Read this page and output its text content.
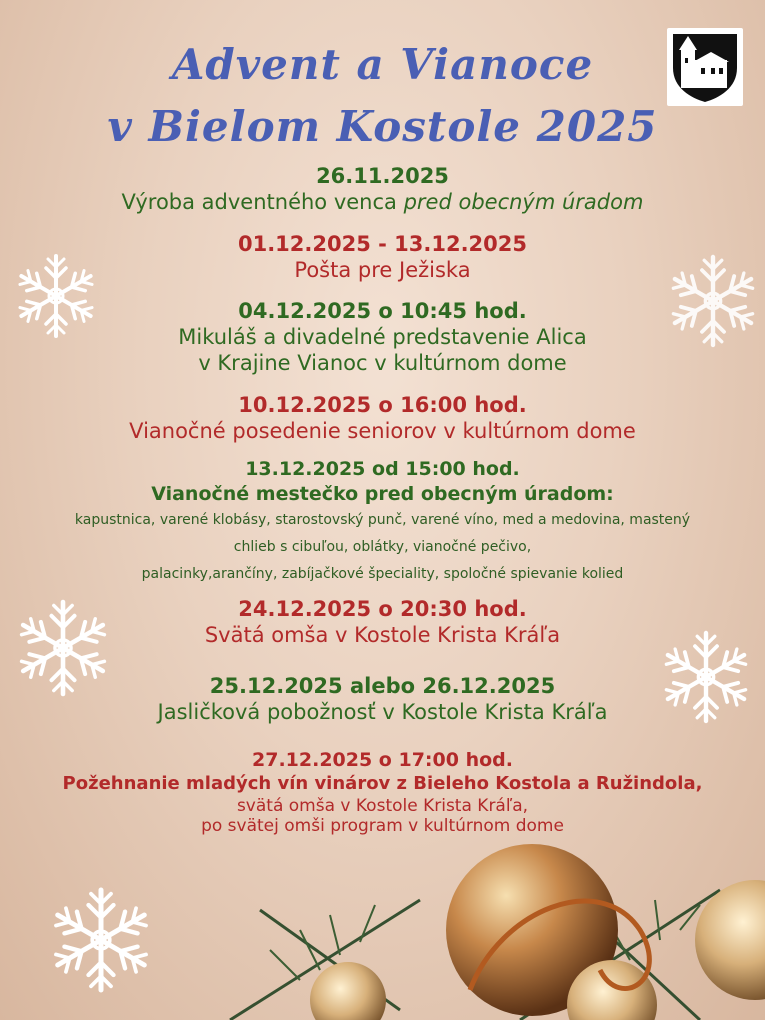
Advent a Vianoce
v Bielom Kostole 2025
26.11.2025
Výroba adventného venca pred obecným úradom
01.12.2025 - 13.12.2025
Pošta pre Ježiska
04.12.2025 o 10:45 hod.
Mikuláš a divadelné predstavenie Alica
v Krajine Vianoc v kultúrnom dome
10.12.2025 o 16:00 hod.
Vianočné posedenie seniorov v kultúrnom dome
13.12.2025 od 15:00 hod.
Vianočné mestečko pred obecným úradom:
kapustnica, varené klobásy, starostovský punč, varené víno, med a medovina, mastený
chlieb s cibuľou, oblátky, vianočné pečivo,
palacinky,arančíny, zabíjačkové špeciality, spoločné spievanie kolied
24.12.2025 o 20:30 hod.
Svätá omša v Kostole Krista Kráľa
25.12.2025 alebo 26.12.2025
Jasličková pobožnosť v Kostole Krista Kráľa
27.12.2025 o 17:00 hod.
Požehnanie mladých vín vinárov z Bieleho Kostola a Ružindola,
svätá omša v Kostole Krista Kráľa,
po svätej omši program v kultúrnom dome
